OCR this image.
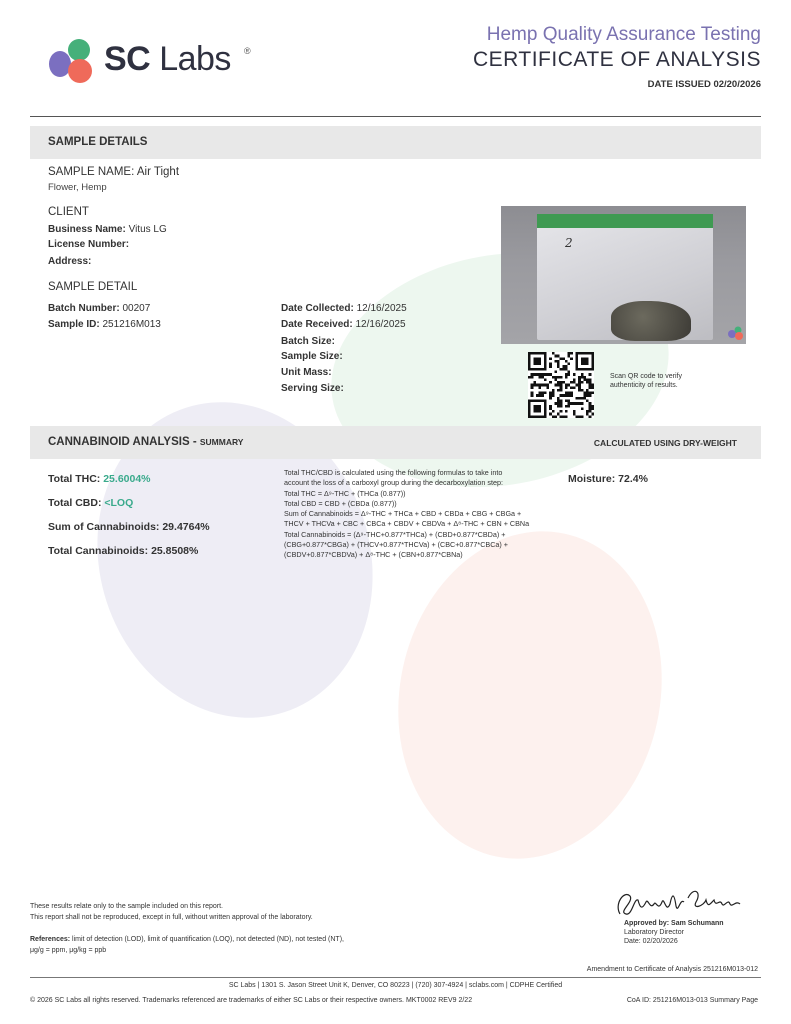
SC Labs ®
Hemp Quality Assurance Testing
CERTIFICATE OF ANALYSIS
DATE ISSUED 02/20/2026
SAMPLE DETAILS
SAMPLE NAME: Air Tight
Flower, Hemp
CLIENT
Business Name: Vitus LG
License Number:
Address:
SAMPLE DETAIL
Batch Number: 00207
Sample ID: 251216M013
Date Collected: 12/16/2025
Date Received: 12/16/2025
Batch Size:
Sample Size:
Unit Mass:
Serving Size:
2
Scan QR code to verify authenticity of results.
CANNABINOID ANALYSIS - SUMMARY	CALCULATED USING DRY-WEIGHT
Total THC: 25.6004%
Total CBD: <LOQ
Sum of Cannabinoids: 29.4764%
Total Cannabinoids: 25.8508%
Total THC/CBD is calculated using the following formulas to take into
account the loss of a carboxyl group during the decarboxylation step:
Total THC = Δ⁹-THC + (THCa (0.877))
Total CBD = CBD + (CBDa (0.877))
Sum of Cannabinoids = Δ⁹-THC + THCa + CBD + CBDa + CBG + CBGa +
THCV + THCVa + CBC + CBCa + CBDV + CBDVa + Δ⁸-THC + CBN + CBNa
Total Cannabinoids = (Δ⁹-THC+0.877*THCa) + (CBD+0.877*CBDa) +
(CBG+0.877*CBGa) + (THCV+0.877*THCVa) + (CBC+0.877*CBCa) +
(CBDV+0.877*CBDVa) + Δ⁸-THC + (CBN+0.877*CBNa)
Moisture: 72.4%
These results relate only to the sample included on this report.
This report shall not be reproduced, except in full, without written approval of the laboratory.
References: limit of detection (LOD), limit of quantification (LOQ), not detected (ND), not tested (NT),
μg/g = ppm, μg/kg = ppb
Approved by: Sam Schumann
Laboratory Director
Date: 02/20/2026
Amendment to Certificate of Analysis 251216M013-012
SC Labs | 1301 S. Jason Street Unit K, Denver, CO 80223 | (720) 307-4924 | sclabs.com | CDPHE Certified
© 2026 SC Labs all rights reserved. Trademarks referenced are trademarks of either SC Labs or their respective owners. MKT0002 REV9 2/22	CoA ID: 251216M013-013 Summary Page
